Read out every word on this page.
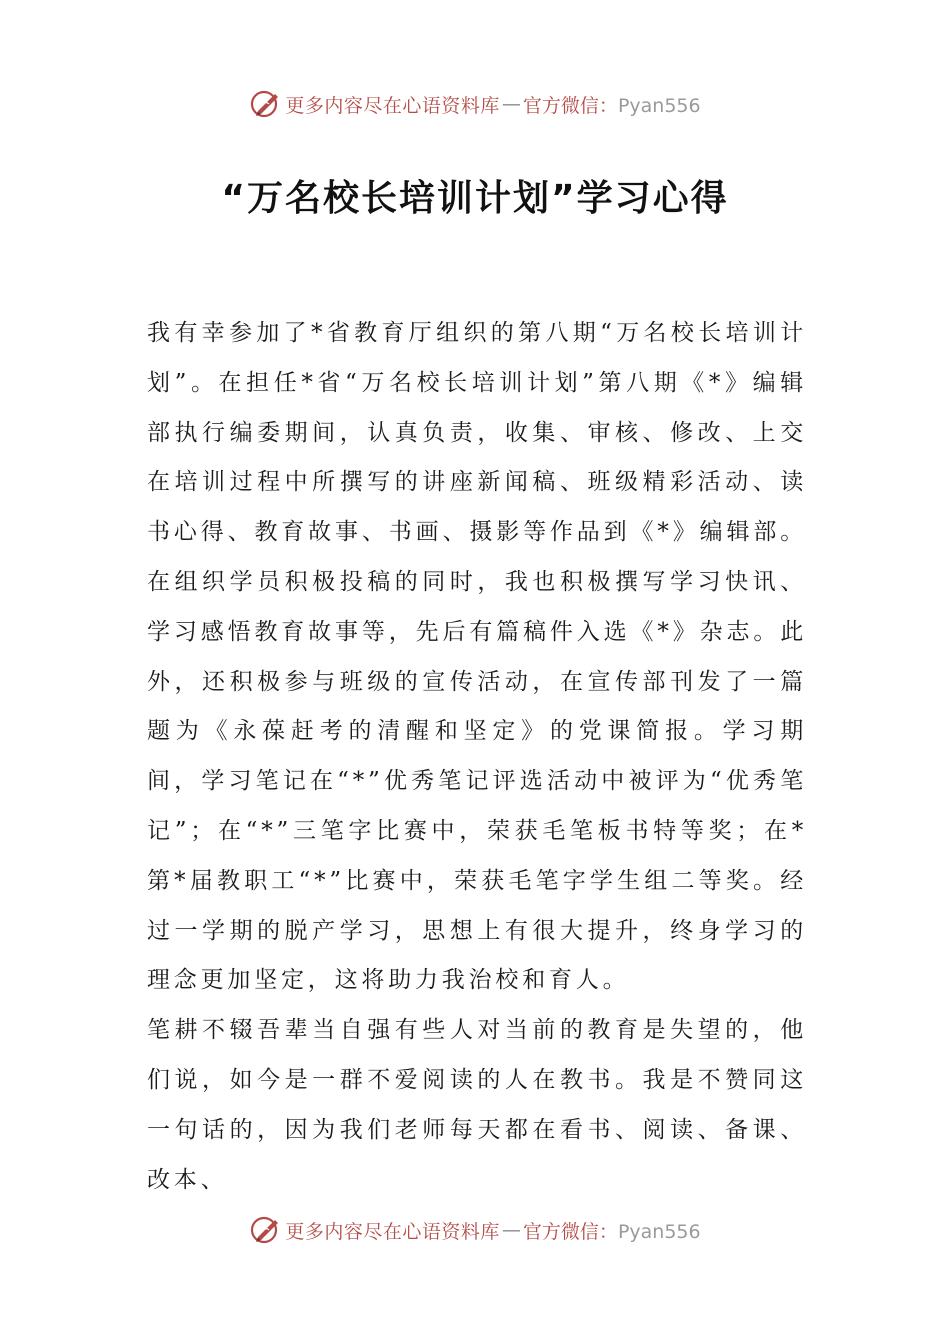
更多内容尽在心语资料库 — 官方微信：Pyan556
“万名校长培训计划”学习心得

我有幸参加了*省教育厅组织的第八期“万名校长培训计划”。在担任*省“万名校长培训计划”第八期《*》编辑部执行编委期间，认真负责，收集、审核、修改、上交在培训过程中所撰写的讲座新闻稿、班级精彩活动、读书心得、教育故事、书画、摄影等作品到《*》编辑部。在组织学员积极投稿的同时，我也积极撰写学习快讯、学习感悟教育故事等，先后有篇稿件入选《*》杂志。此外，还积极参与班级的宣传活动，在宣传部刊发了一篇题为《永葆赶考的清醒和坚定》的党课简报。学习期间，学习笔记在“*”优秀笔记评选活动中被评为“优秀笔记”；在“*”三笔字比赛中，荣获毛笔板书特等奖；在*第*届教职工“*”比赛中，荣获毛笔字学生组二等奖。经过一学期的脱产学习，思想上有很大提升，终身学习的理念更加坚定，这将助力我治校和育人。

笔耕不辍吾辈当自强有些人对当前的教育是失望的，他们说，如今是一群不爱阅读的人在教书。我是不赞同这一句话的，因为我们老师每天都在看书、阅读、备课、改本、

更多内容尽在心语资料库 — 官方微信：Pyan556
